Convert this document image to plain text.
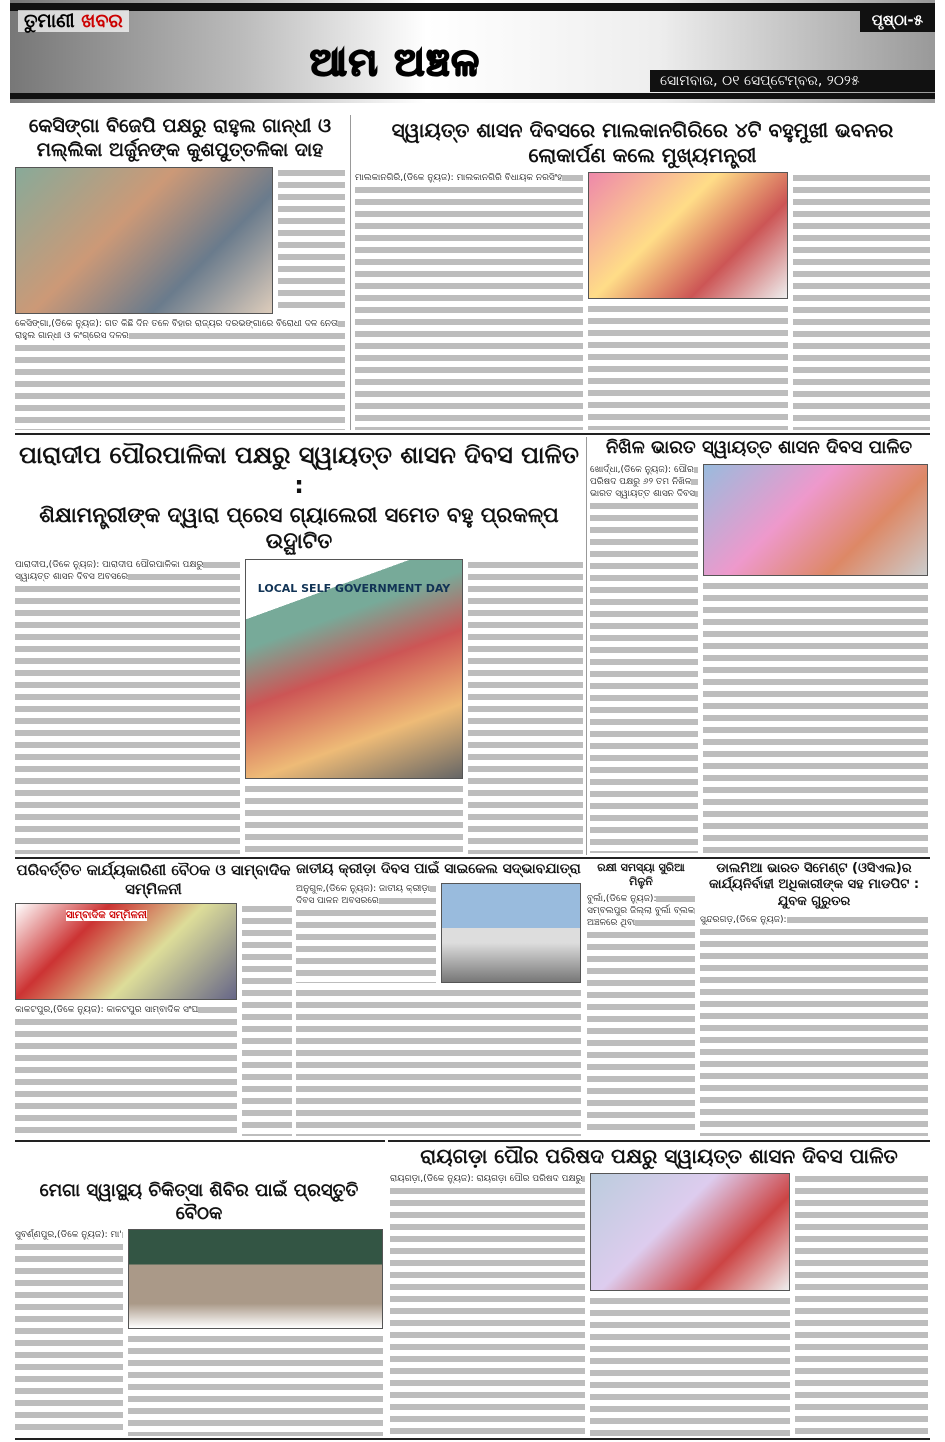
ତୁମାଣୀ ଖବର
ଆମ ଅଞ୍ଚଳ
ପୃଷ୍ଠା-୫
ସୋମବାର, ୦୧ ସେପ୍ଟେମ୍ବର, ୨୦୨୫
କେସିଙ୍ଗା ବିଜେପି ପକ୍ଷରୁ ରାହୁଲ ଗାନ୍ଧୀ ଓ ମଲ୍ଲିକା ଅର୍ଜୁନଙ୍କ କୁଶପୁତ୍ତଳିକା ଦାହ
କେସିଙ୍ଗା,(ଡିକେ ନ୍ୟୁଜ): ଗତ କିଛି ଦିନ ତଳେ ବିହାର ରାଜ୍ୟର ଦରଭଙ୍ଗାରେ ବିରୋଧୀ ଦଳ ନେତା ରାହୁଲ ଗାନ୍ଧୀ ଓ କଂଗ୍ରେସ ଦଳର
ସ୍ୱାୟତ୍ତ ଶାସନ ଦିବସରେ ମାଲକାନଗିରିରେ ୪ଟି ବହୁମୁଖୀ ଭବନର ଲୋକାର୍ପଣ କଲେ ମୁଖ୍ୟମନ୍ତ୍ରୀ
ମାଲକାନଗିରି,(ଡିକେ ନ୍ୟୁଜ): ମାଲକାନଗିରି ବିଧାୟକ ନରସିଂହ
ପାରାଦୀପ ପୌରପାଳିକା ପକ୍ଷରୁ ସ୍ୱାୟତ୍ତ ଶାସନ ଦିବସ ପାଳିତ :
ଶିକ୍ଷାମନ୍ତ୍ରୀଙ୍କ ଦ୍ୱାରା ପ୍ରେସ ଗ୍ୟାଲେରୀ ସମେତ ବହୁ ପ୍ରକଳ୍ପ ଉଦ୍ଘାଟିତ
ପାରାଦୀପ,(ଡିକେ ନ୍ୟୁଜ): ପାରାଦୀପ ପୌରପାଳିକା ପକ୍ଷରୁ ସ୍ୱାୟତ୍ତ ଶାସନ ଦିବସ ଅବସରେ
LOCAL SELF GOVERNMENT DAY
ନିଖିଳ ଭାରତ ସ୍ୱାୟତ୍ତ ଶାସନ ଦିବସ ପାଳିତ
ଖୋର୍ଦ୍ଧା,(ଡିକେ ନ୍ୟୁଜ): ପୌର ପରିଷଦ ପକ୍ଷରୁ ୬୨ ତମ ନିଖିଳ ଭାରତ ସ୍ୱାୟତ୍ତ ଶାସନ ଦିବସ
ପରିବର୍ତ୍ତିତ କାର୍ଯ୍ୟକାରିଣୀ ବୈଠକ ଓ ସାମ୍ବାଦିକ ସମ୍ମିଳନୀ
ସାମ୍ବାଦିକ ସମ୍ମିଳନୀ
କାକଟପୁର,(ଡିକେ ନ୍ୟୁଜ): କାକଟପୁର ସାମ୍ବାଦିକ ସଂଘ
ଜାତୀୟ କ୍ରୀଡ଼ା ଦିବସ ପାଇଁ ସାଇକେଲ ସଦ୍ଭାବଯାତ୍ରା
ଅନୁଗୁଳ,(ଡିକେ ନ୍ୟୁଜ): ଜାତୀୟ କ୍ରୀଡ଼ା ଦିବସ ପାଳନ ଅବସରରେ
ରକ୍ଷୀ ସମସ୍ୟା ସୁରିଆ ମିଳୁନି
ବୁର୍ଲା,(ଡିକେ ନ୍ୟୁଜ): ସମ୍ବଲପୁର ଜିଲ୍ଲା ବୁର୍ଲା ବ୍ଲକ ଅଞ୍ଚଳରେ ଥିବା
ଡାଲମିଆ ଭାରତ ସିମେଣ୍ଟ (ଓସିଏଲ)ର କାର୍ଯ୍ୟନିର୍ବାହୀ ଅଧିକାରୀଙ୍କ ସହ ମାଡପିଟ : ଯୁବକ ଗୁରୁତର
ସୁନ୍ଦରଗଡ଼,(ଡିକେ ନ୍ୟୁଜ):
ରାୟଗଡ଼ା ପୌର ପରିଷଦ ପକ୍ଷରୁ ସ୍ୱାୟତ୍ତ ଶାସନ ଦିବସ ପାଳିତ
ରାୟଗଡ଼ା,(ଡିକେ ନ୍ୟୁଜ): ରାୟଗଡ଼ା ପୌର ପରିଷଦ ପକ୍ଷରୁ
ମେଗା ସ୍ୱାସ୍ଥ୍ୟ ଚିକିତ୍ସା ଶିବିର ପାଇଁ ପ୍ରସ୍ତୁତି ବୈଠକ
ସୁବର୍ଣ୍ଣପୁର,(ଡିକେ ନ୍ୟୁଜ): ମା'
